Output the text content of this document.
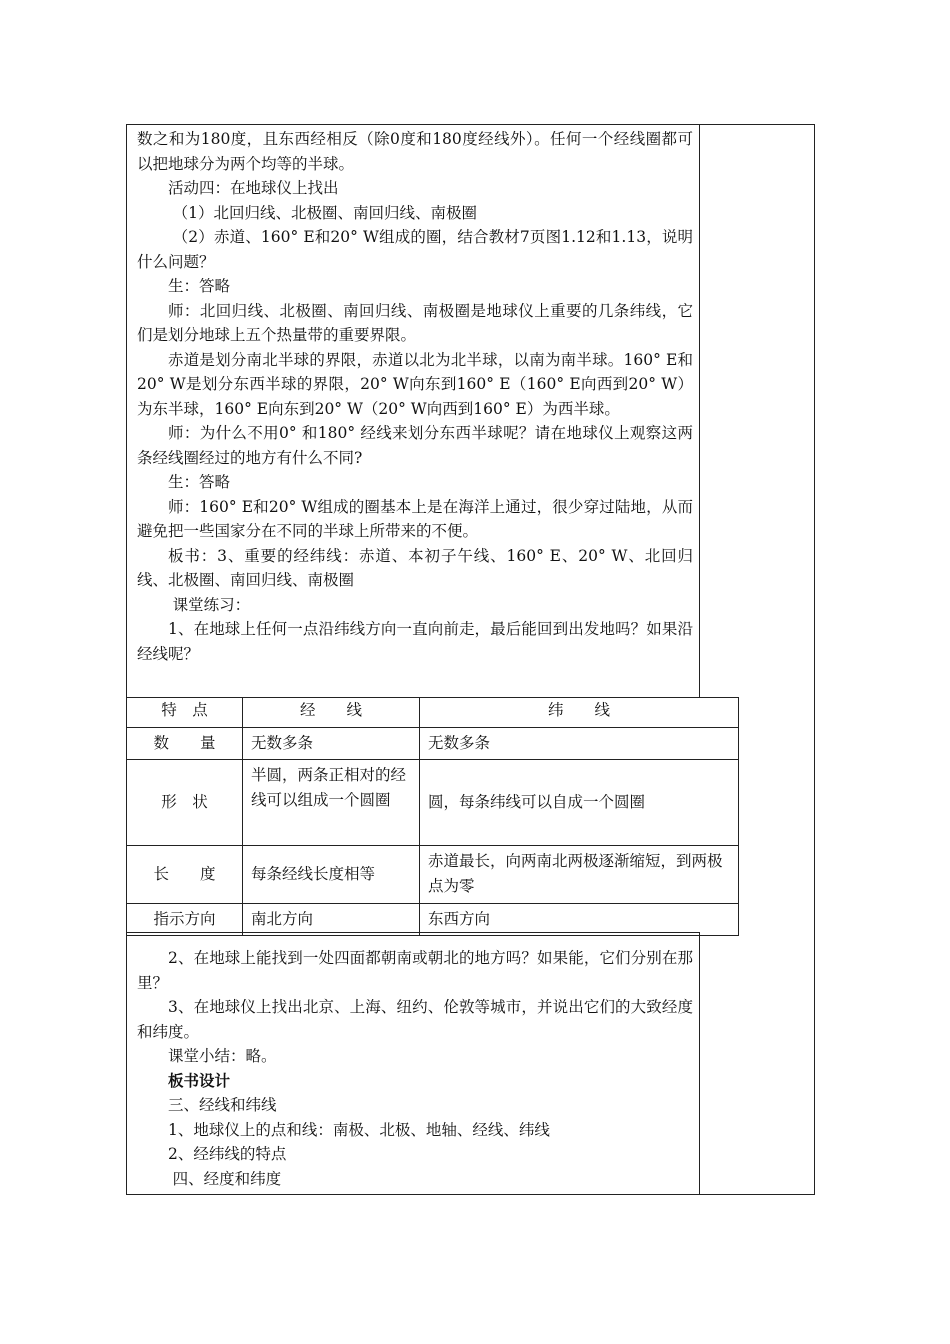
数之和为180度，且东西经相反（除0度和180度经线外）。任何一个经线圈都可以把地球分为两个均等的半球。

活动四：在地球仪上找出

（1）北回归线、北极圈、南回归线、南极圈

（2）赤道、160° E和20° W组成的圈，结合教材7页图1.12和1.13，说明什么问题？

生：答略

师：北回归线、北极圈、南回归线、南极圈是地球仪上重要的几条纬线，它们是划分地球上五个热量带的重要界限。

赤道是划分南北半球的界限，赤道以北为北半球，以南为南半球。160° E和20° W是划分东西半球的界限，20° W向东到160° E（160° E向西到20° W）为东半球，160° E向东到20° W（20° W向西到160° E）为西半球。

师：为什么不用0° 和180° 经线来划分东西半球呢？请在地球仪上观察这两条经线圈经过的地方有什么不同?

生：答略

师：160° E和20° W组成的圈基本上是在海洋上通过，很少穿过陆地，从而避免把一些国家分在不同的半球上所带来的不便。

板书：3、重要的经纬线：赤道、本初子午线、160° E、20° W、北回归线、北极圈、南回归线、南极圈

课堂练习：

1、在地球上任何一点沿纬线方向一直向前走，最后能回到出发地吗？如果沿经线呢？

特　点	经　　线	纬　　线
数　　量	无数多条	无数多条
形　状	半圆，两条正相对的经线可以组成一个圆圈	圆，每条纬线可以自成一个圆圈
长　　度	每条经线长度相等	赤道最长，向两南北两极逐渐缩短，到两极点为零
指示方向	南北方向	东西方向

2、在地球上能找到一处四面都朝南或朝北的地方吗？如果能，它们分别在那里？

3、在地球仪上找出北京、上海、纽约、伦敦等城市，并说出它们的大致经度和纬度。

课堂小结：略。

板书设计

三、经线和纬线

1、地球仪上的点和线：南极、北极、地轴、经线、纬线

2、经纬线的特点

四、经度和纬度
